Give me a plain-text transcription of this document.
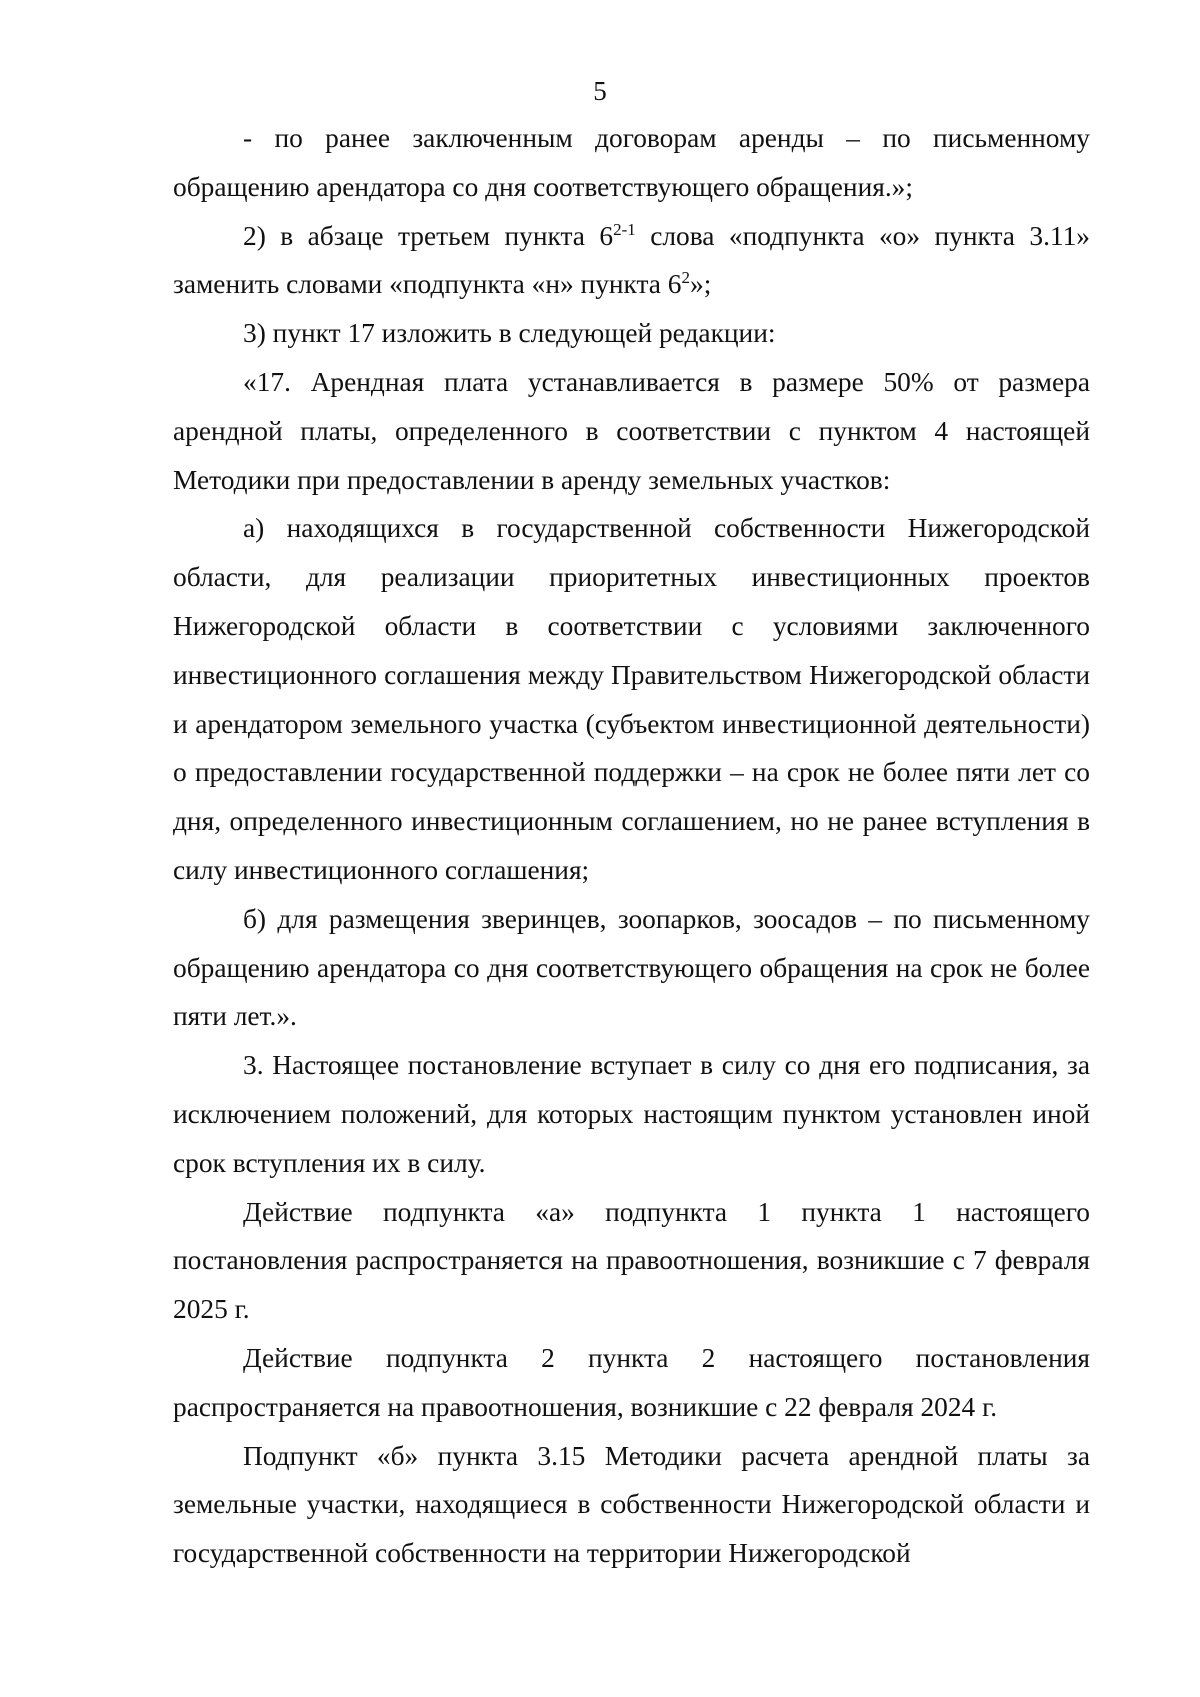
5

- по ранее заключенным договорам аренды – по письменному обращению арендатора со дня соответствующего обращения.»;

2) в абзаце третьем пункта 6$^{2-1}$ слова «подпункта «о» пункта 3.11» заменить словами «подпункта «н» пункта $6^2$»;

3) пункт 17 изложить в следующей редакции:

«17. Арендная плата устанавливается в размере 50% от размера арендной платы, определенного в соответствии с пунктом 4 настоящей Методики при предоставлении в аренду земельных участков:

а) находящихся в государственной собственности Нижегородской области, для реализации приоритетных инвестиционных проектов Нижегородской области в соответствии с условиями заключенного инвестиционного соглашения между Правительством Нижегородской области и арендатором земельного участка (субъектом инвестиционной деятельности) о предоставлении государственной поддержки – на срок не более пяти лет со дня, определенного инвестиционным соглашением, но не ранее вступления в силу инвестиционного соглашения;

б) для размещения зверинцев, зоопарков, зоосадов – по письменному обращению арендатора со дня соответствующего обращения на срок не более пяти лет.».

3. Настоящее постановление вступает в силу со дня его подписания, за исключением положений, для которых настоящим пунктом установлен иной срок вступления их в силу.

Действие подпункта «а» подпункта 1 пункта 1 настоящего постановления распространяется на правоотношения, возникшие с 7 февраля 2025 г.

Действие подпункта 2 пункта 2 настоящего постановления распространяется на правоотношения, возникшие с 22 февраля 2024 г.

Подпункт «б» пункта 3.15 Методики расчета арендной платы за земельные участки, находящиеся в собственности Нижегородской области и государственной собственности на территории Нижегородской
